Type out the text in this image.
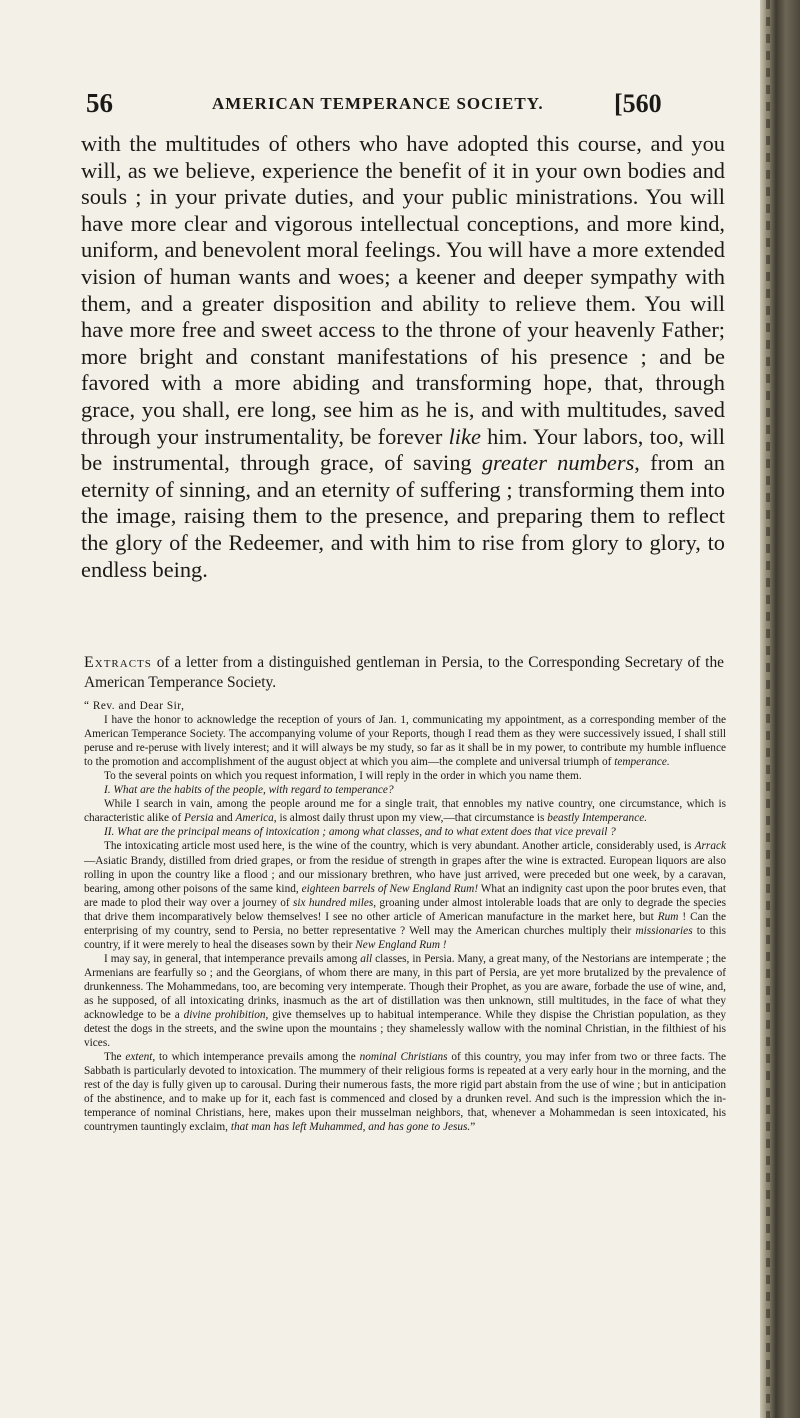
56	AMERICAN TEMPERANCE SOCIETY.	[560

with the multitudes of others who have adopted this course, and you will, as we believe, experience the benefit of it in your own bodies and souls ; in your private duties, and your public ministrations. You will have more clear and vigorous intellectual conceptions, and more kind, uniform, and benevolent moral feelings. You will have a more extended vision of human wants and woes; a keener and deeper sympathy with them, and a greater disposition and ability to relieve them. You will have more free and sweet access to the throne of your heavenly Father; more bright and constant manifestations of his presence ; and be favored with a more abiding and transforming hope, that, through grace, you shall, ere long, see him as he is, and with multitudes, saved through your instrumentality, be forever like him. Your labors, too, will be instrumental, through grace, of saving greater numbers, from an eternity of sinning, and an eternity of suffering ; transforming them into the image, raising them to the presence, and preparing them to reflect the glory of the Redeemer, and with him to rise from glory to glory, to endless being.

Extracts of a letter from a distinguished gentleman in Persia, to the Corresponding Secretary of the American Temperance Society.

“ Rev. and Dear Sir,

I have the honor to acknowledge the reception of yours of Jan. 1, communicating my appointment, as a corresponding member of the American Temperance Society. The accompanying volume of your Reports, though I read them as they were successively issued, I shall still peruse and re-peruse with lively interest; and it will always be my study, so far as it shall be in my power, to contribute my humble influence to the promotion and accomplishment of the august object at which you aim—the complete and universal triumph of temperance.

To the several points on which you request information, I will reply in the order in which you name them.

I. What are the habits of the people, with regard to temperance?

While I search in vain, among the people around me for a single trait, that ennobles my native country, one circumstance, which is characteristic alike of Persia and America, is almost daily thrust upon my view,—that circumstance is beastly Intemperance.

II. What are the principal means of intoxication ; among what classes, and to what extent does that vice prevail ?

The intoxicating article most used here, is the wine of the country, which is very abundant. Another article, considerably used, is Arrack—Asiatic Brandy, distilled from dried grapes, or from the residue of strength in grapes after the wine is extracted. European liquors are also rolling in upon the country like a flood ; and our missionary brethren, who have just arrived, were preceded but one week, by a caravan, bearing, among other poisons of the same kind, eighteen barrels of New England Rum! What an indignity cast upon the poor brutes even, that are made to plod their way over a journey of six hundred miles, groaning under almost intolerable loads that are only to degrade the species that drive them incomparatively below themselves! I see no other article of American manufacture in the market here, but Rum ! Can the enterprising of my country, send to Persia, no better representative ? Well may the American churches multiply their missionaries to this country, if it were merely to heal the diseases sown by their New England Rum !

I may say, in general, that intemperance prevails among all classes, in Persia. Many, a great many, of the Nestorians are intemperate ; the Armenians are fearfully so ; and the Georgians, of whom there are many, in this part of Persia, are yet more brutalized by the prevalence of drunkenness. The Mohammedans, too, are becoming very intemperate. Though their Prophet, as you are aware, forbade the use of wine, and, as he supposed, of all intoxicating drinks, inasmuch as the art of distillation was then unknown, still multitudes, in the face of what they acknowledge to be a divine prohibition, give themselves up to habitual intemperance. While they dispise the Christian population, as they detest the dogs in the streets, and the swine upon the mountains ; they shamelessly wallow with the nominal Christian, in the filthiest of his vices.

The extent, to which intemperance prevails among the nominal Christians of this country, you may infer from two or three facts. The Sabbath is particularly devoted to intoxication. The mummery of their religious forms is repeated at a very early hour in the morning, and the rest of the day is fully given up to carousal. During their numerous fasts, the more rigid part abstain from the use of wine ; but in anticipation of the abstinence, and to make up for it, each fast is commenced and closed by a drunken revel. And such is the impression which the intemperance of nominal Christians, here, makes upon their musselman neighbors, that, whenever a Mohammedan is seen intoxicated, his countrymen tauntingly exclaim, that man has left Muhammed, and has gone to Jesus.”
